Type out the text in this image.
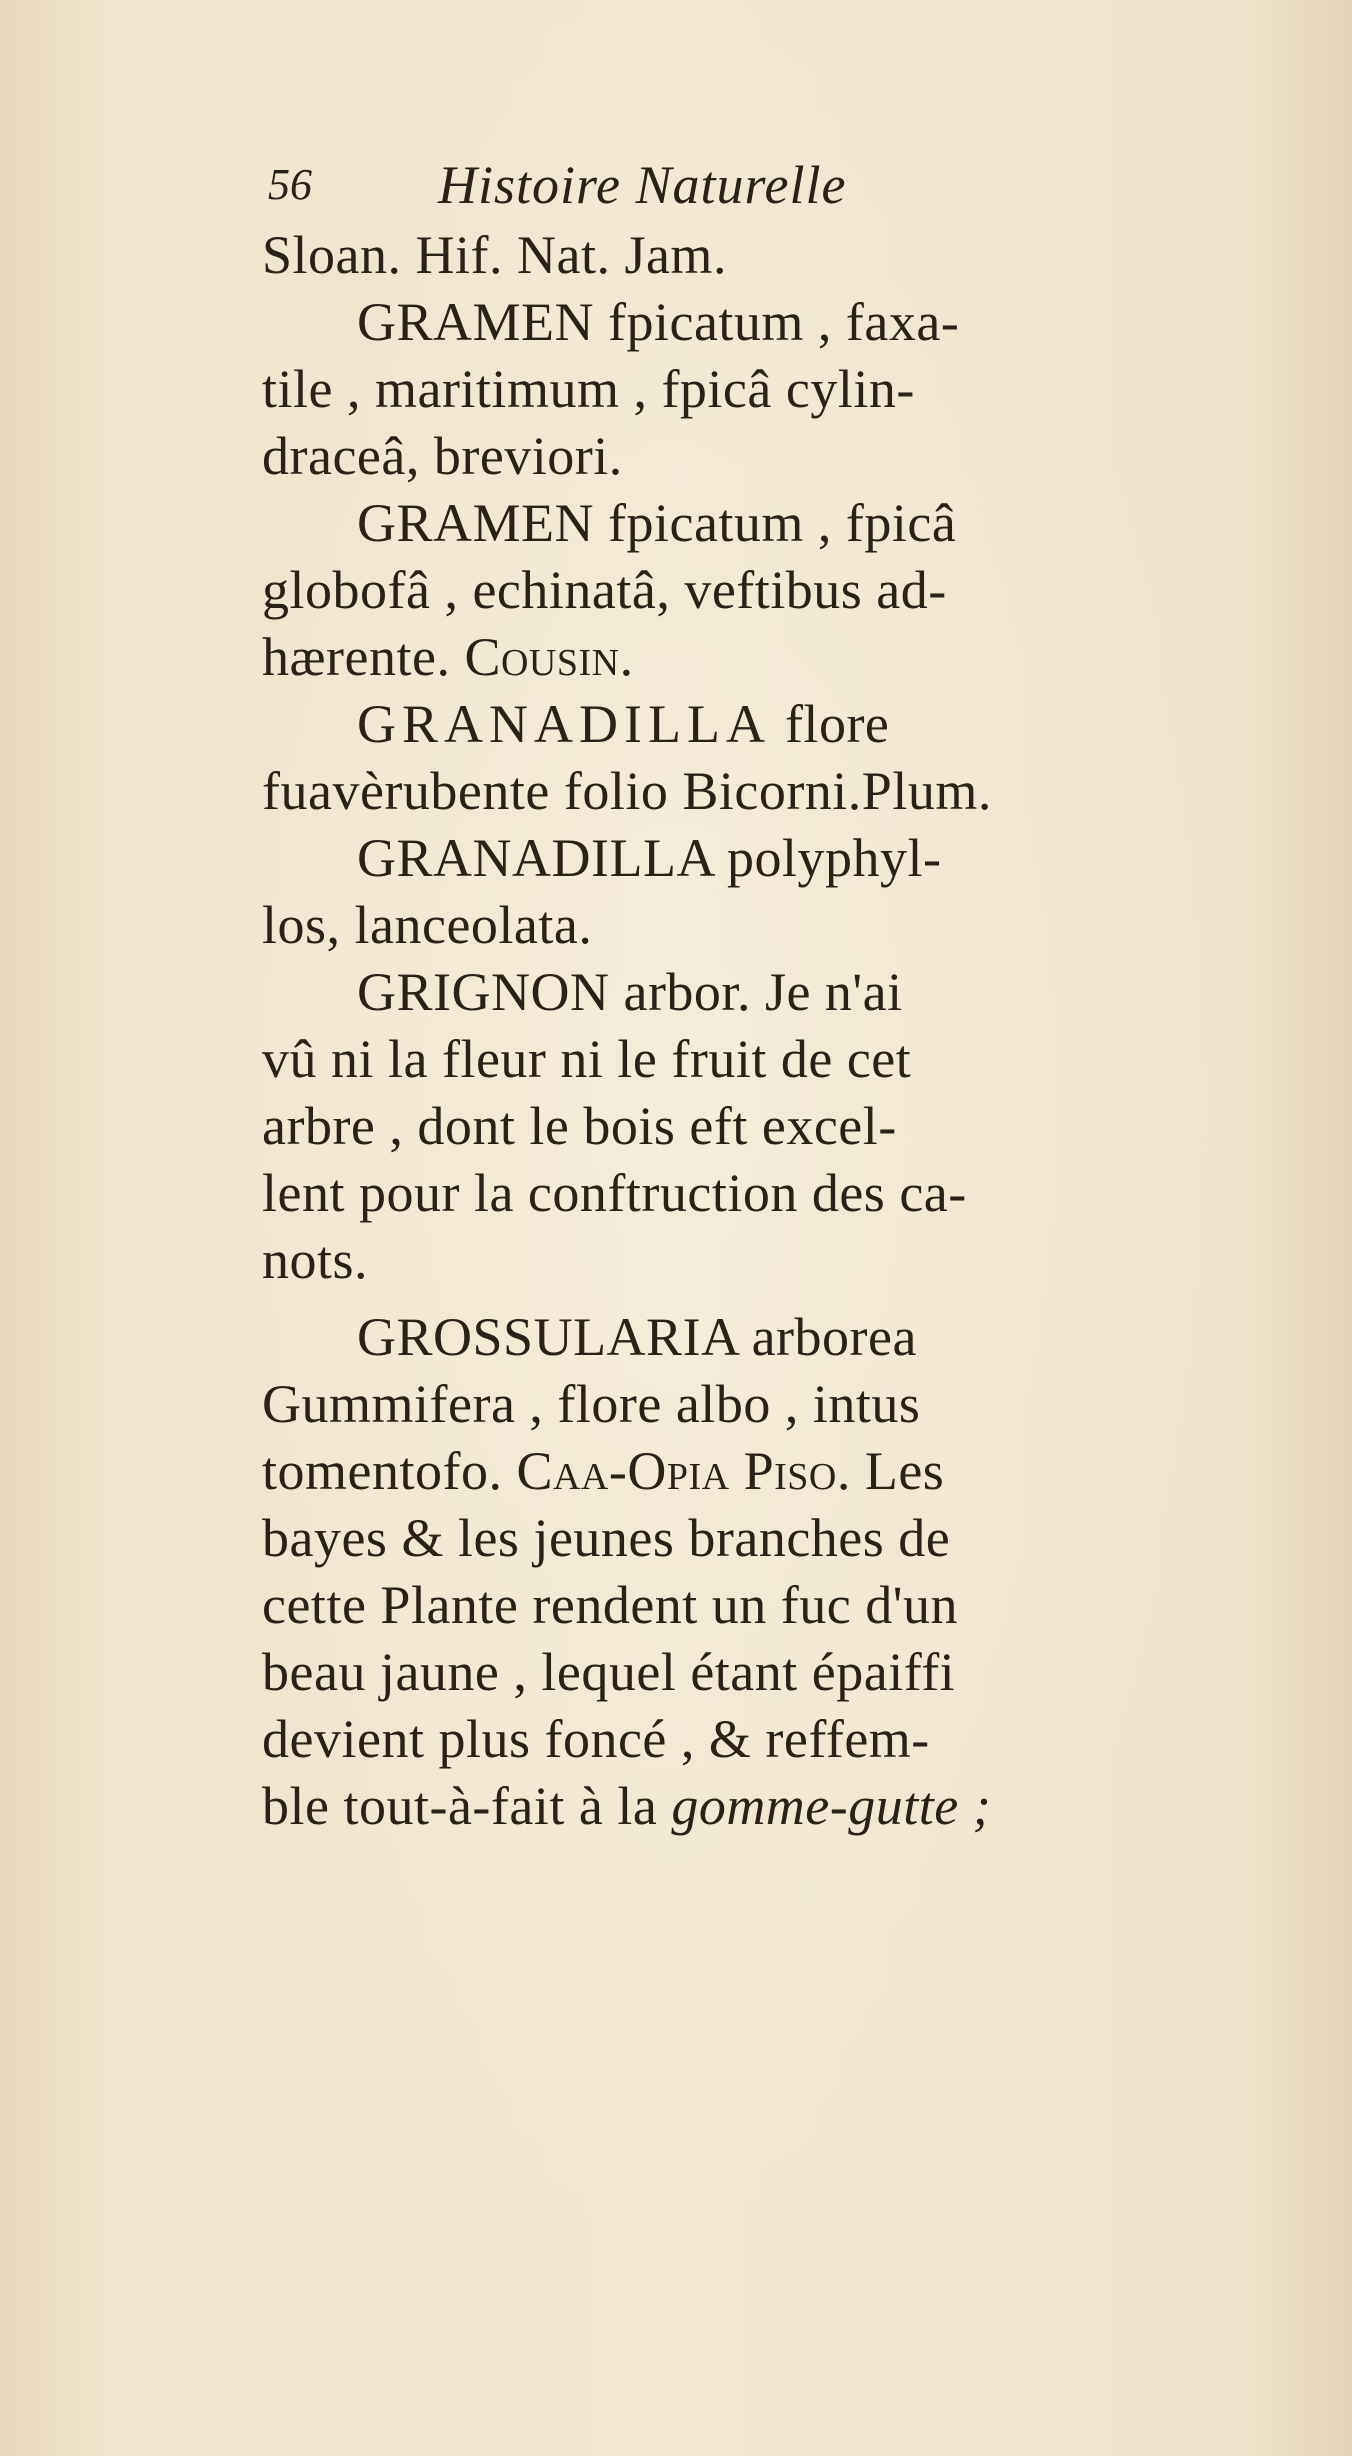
56 Histoire Naturelle
Sloan. Hif. Nat. Jam.
GRAMEN fpicatum , faxa-
tile , maritimum , fpicâ cylin-
draceâ, breviori.
GRAMEN fpicatum , fpicâ
globofâ , echinatâ, veftibus ad-
hærente. Cousin.
GRANADILLA flore
fuavèrubente folio Bicorni.Plum.
GRANADILLA polyphyl-
los, lanceolata.
GRIGNON arbor. Je n'ai
vû ni la fleur ni le fruit de cet
arbre , dont le bois eft excel-
lent pour la conftruction des ca-
nots.
GROSSULARIA arborea
Gummifera , flore albo , intus
tomentofo. Caa-Opia Piso. Les
bayes & les jeunes branches de
cette Plante rendent un fuc d'un
beau jaune , lequel étant épaiffi
devient plus foncé , & reffem-
ble tout-à-fait à la gomme-gutte ;
